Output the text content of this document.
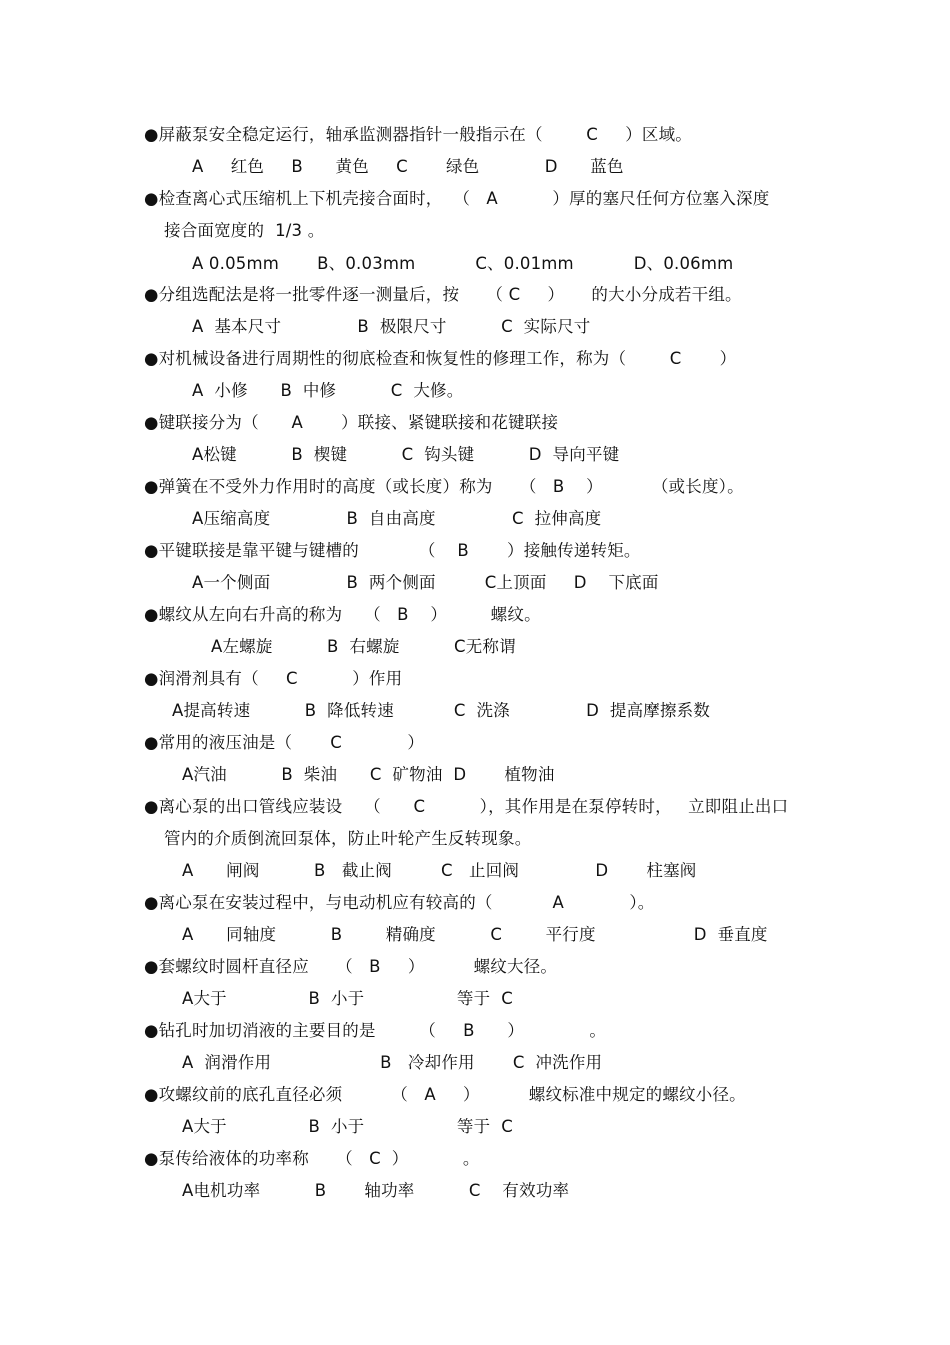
●屏蔽泵安全稳定运行，轴承监测器指针一般指示在（        C     ）区域。
A     红色     B      黄色     C       绿色            D      蓝色
●检查离心式压缩机上下机壳接合面时，  （   A          ）厚的塞尺任何方位塞入深度
接合面宽度的  1/3 。
A 0.05mm       B、0.03mm           C、0.01mm           D、0.06mm
●分组选配法是将一批零件逐一测量后，按     （ C     ）     的大小分成若干组。
A  基本尺寸              B  极限尺寸          C  实际尺寸
●对机械设备进行周期性的彻底检查和恢复性的修理工作，称为（        C       ）
A  小修      B  中修          C  大修。
●键联接分为（      A       ）联接、紧键联接和花键联接
A松键          B  楔键          C  钩头键          D  导向平键
●弹簧在不受外力作用时的高度（或长度）称为     （   B    ）         （或长度）。
A压缩高度              B  自由高度              C  拉伸高度
●平键联接是靠平键与键槽的           （    B       ）接触传递转矩。
A一个侧面              B  两个侧面         C上顶面     D    下底面
●螺纹从左向右升高的称为    （   B    ）        螺纹。
A左螺旋          B  右螺旋          C无称谓
●润滑剂具有（     C          ）作用
A提高转速          B  降低转速           C  洗涤              D  提高摩擦系数
●常用的液压油是（       C            ）
A汽油          B  柴油      C  矿物油  D       植物油
●离心泵的出口管线应装设    （      C          ），其作用是在泵停转时，   立即阻止出口
管内的介质倒流回泵体，防止叶轮产生反转现象。
A      闸阀          B   截止阀         C   止回阀              D       柱塞阀
●离心泵在安装过程中，与电动机应有较高的（           A            ）。
A      同轴度          B        精确度          C        平行度                  D  垂直度
●套螺纹时圆杆直径应     （   B     ）         螺纹大径。
A大于               B  小于                 等于  C
●钻孔时加切消液的主要目的是        （     B      ）            。
A  润滑作用                    B   冷却作用       C  冲洗作用
●攻螺纹前的底孔直径必须         （   A     ）         螺纹标准中规定的螺纹小径。
A大于               B  小于                 等于  C
●泵传给液体的功率称     （   C  ）          。
A电机功率          B       轴功率          C    有效功率
